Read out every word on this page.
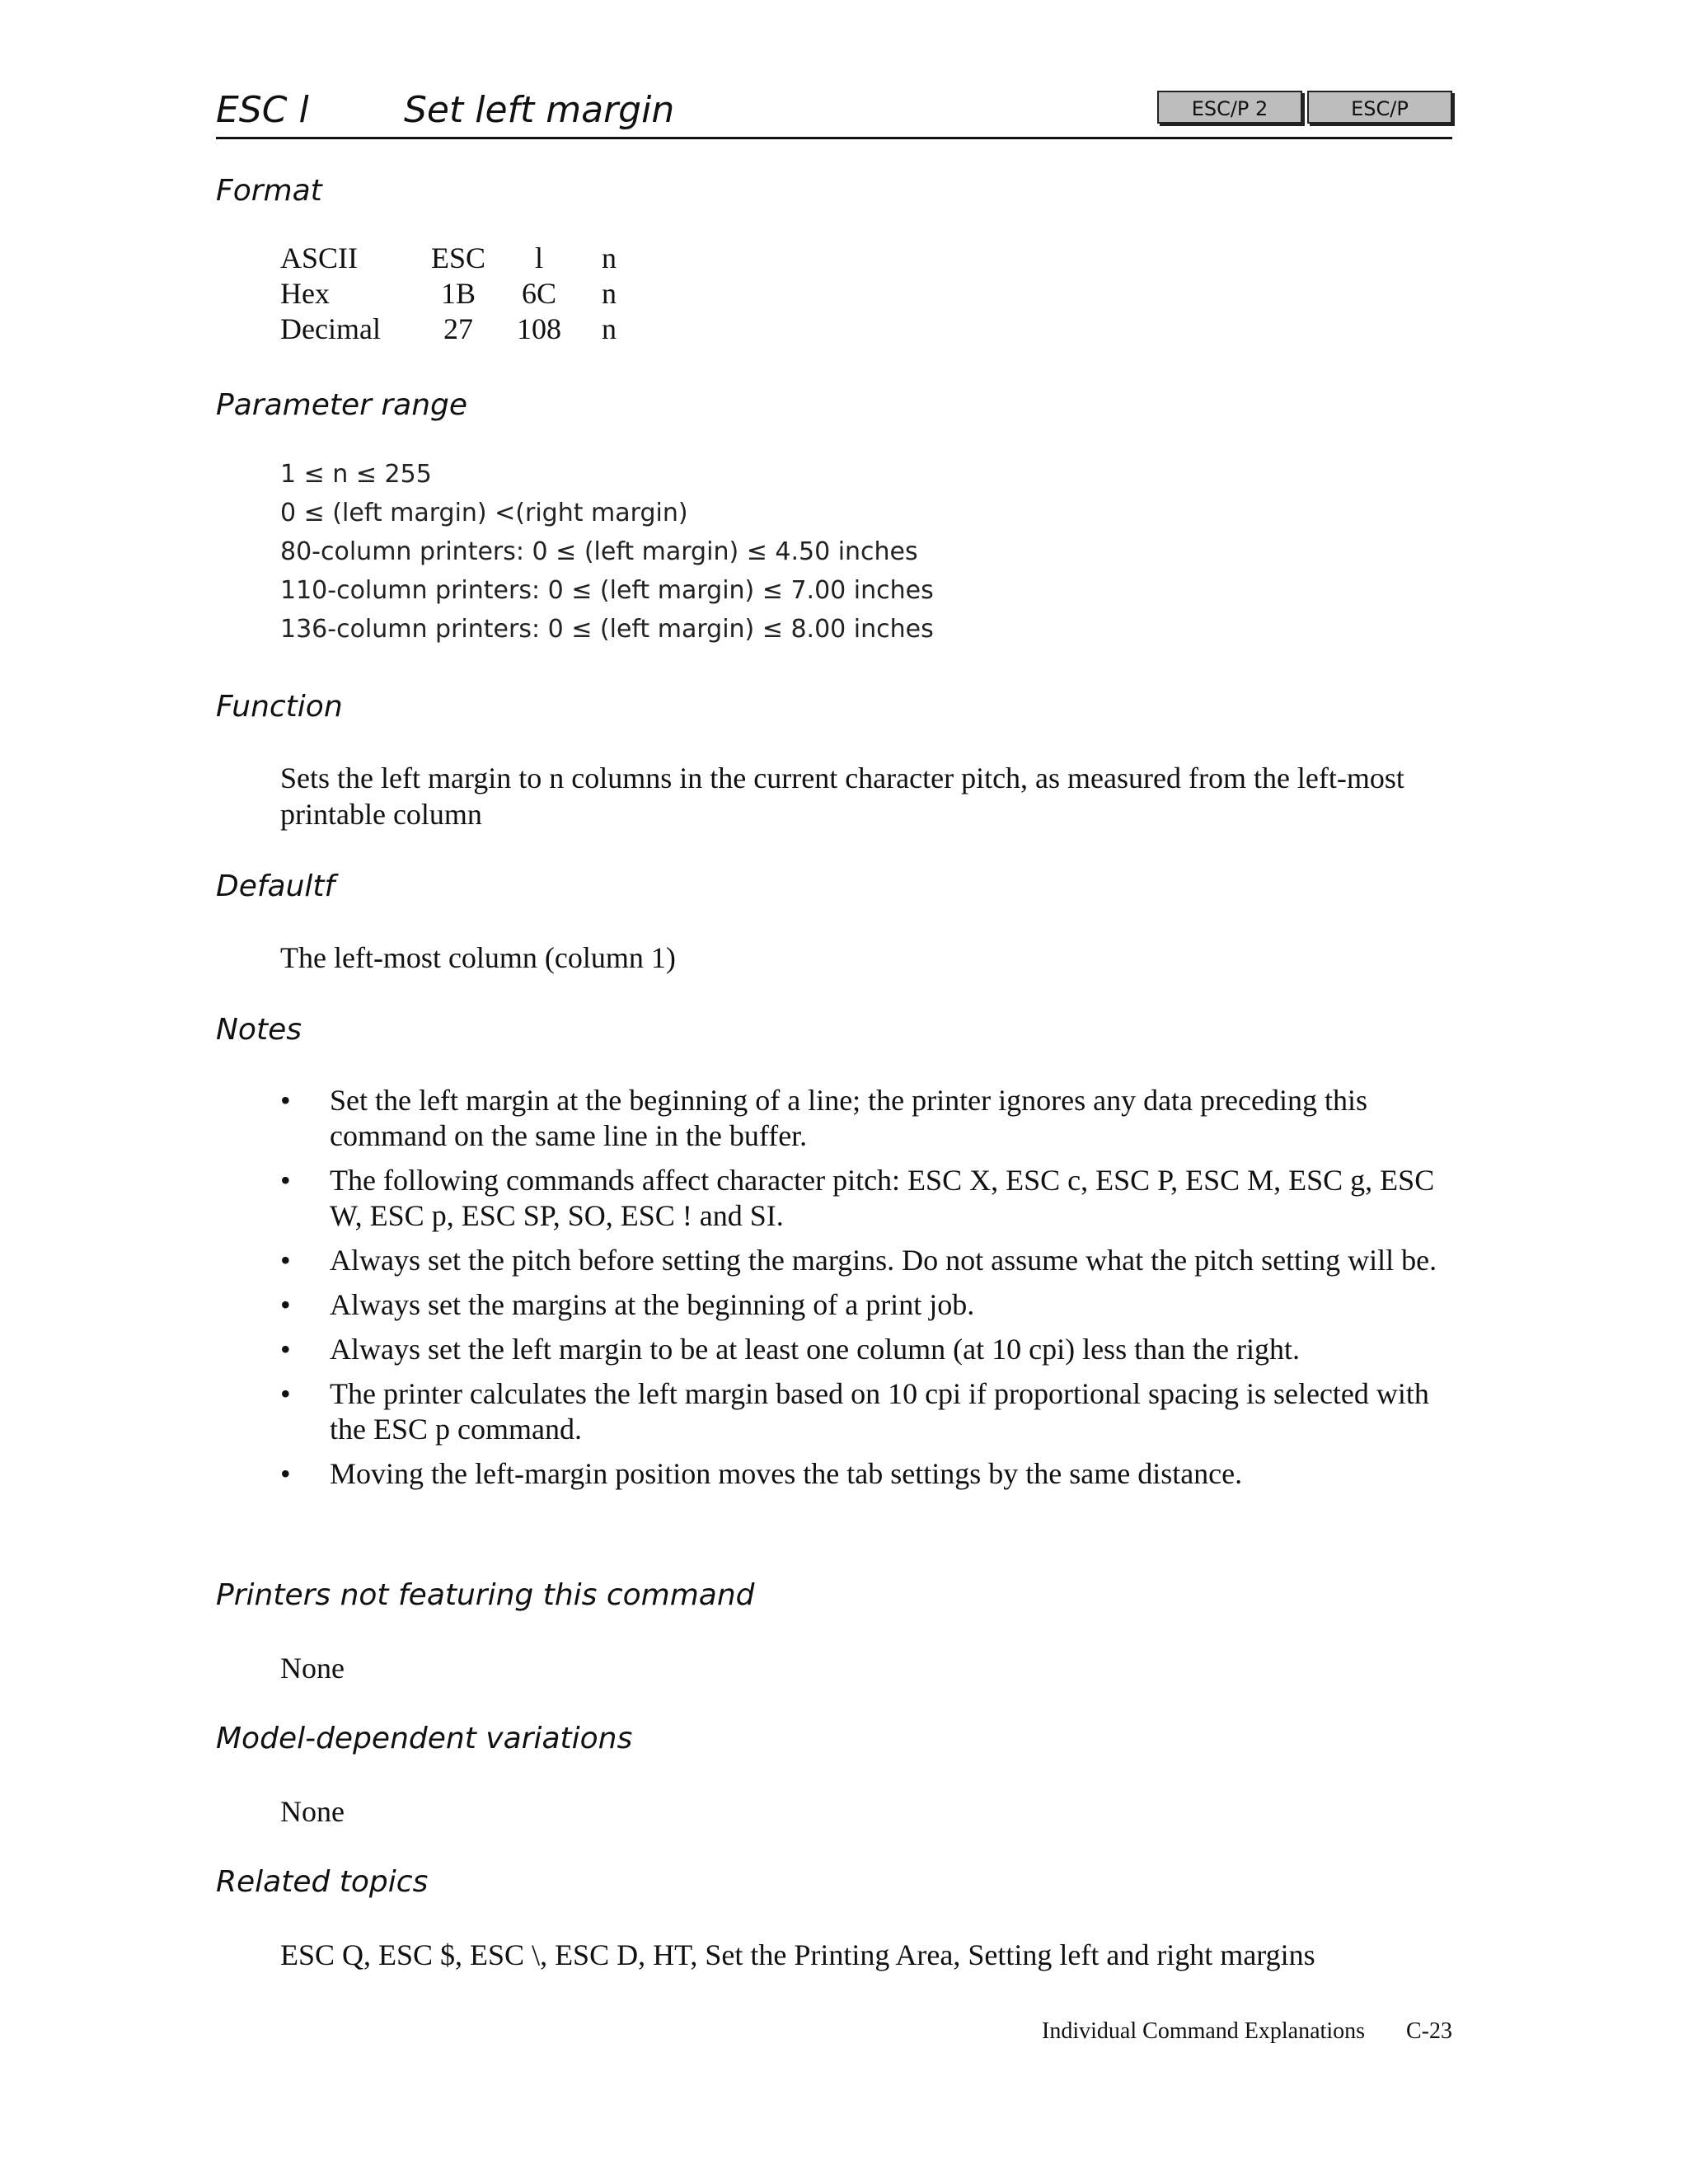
ESC l	Set left margin	ESC/P 2	ESC/P
Format
ASCII	ESC	l	n
Hex	1B	6C	n
Decimal	27	108	n
Parameter range
1 ≤ n ≤ 255
0 ≤ (left margin) <(right margin)
80-column printers: 0 ≤ (left margin) ≤ 4.50 inches
110-column printers: 0 ≤ (left margin) ≤ 7.00 inches
136-column printers: 0 ≤ (left margin) ≤ 8.00 inches
Function
Sets the left margin to n columns in the current character pitch, as measured from the left-most printable column
Defaultf
The left-most column (column 1)
Notes
• Set the left margin at the beginning of a line; the printer ignores any data preceding this command on the same line in the buffer.
• The following commands affect character pitch: ESC X, ESC c, ESC P, ESC M, ESC g, ESC W, ESC p, ESC SP, SO, ESC ! and SI.
• Always set the pitch before setting the margins. Do not assume what the pitch setting will be.
• Always set the margins at the beginning of a print job.
• Always set the left margin to be at least one column (at 10 cpi) less than the right.
• The printer calculates the left margin based on 10 cpi if proportional spacing is selected with the ESC p command.
• Moving the left-margin position moves the tab settings by the same distance.
Printers not featuring this command
None
Model-dependent variations
None
Related topics
ESC Q, ESC $, ESC \, ESC D, HT, Set the Printing Area, Setting left and right margins
Individual Command Explanations C-23
